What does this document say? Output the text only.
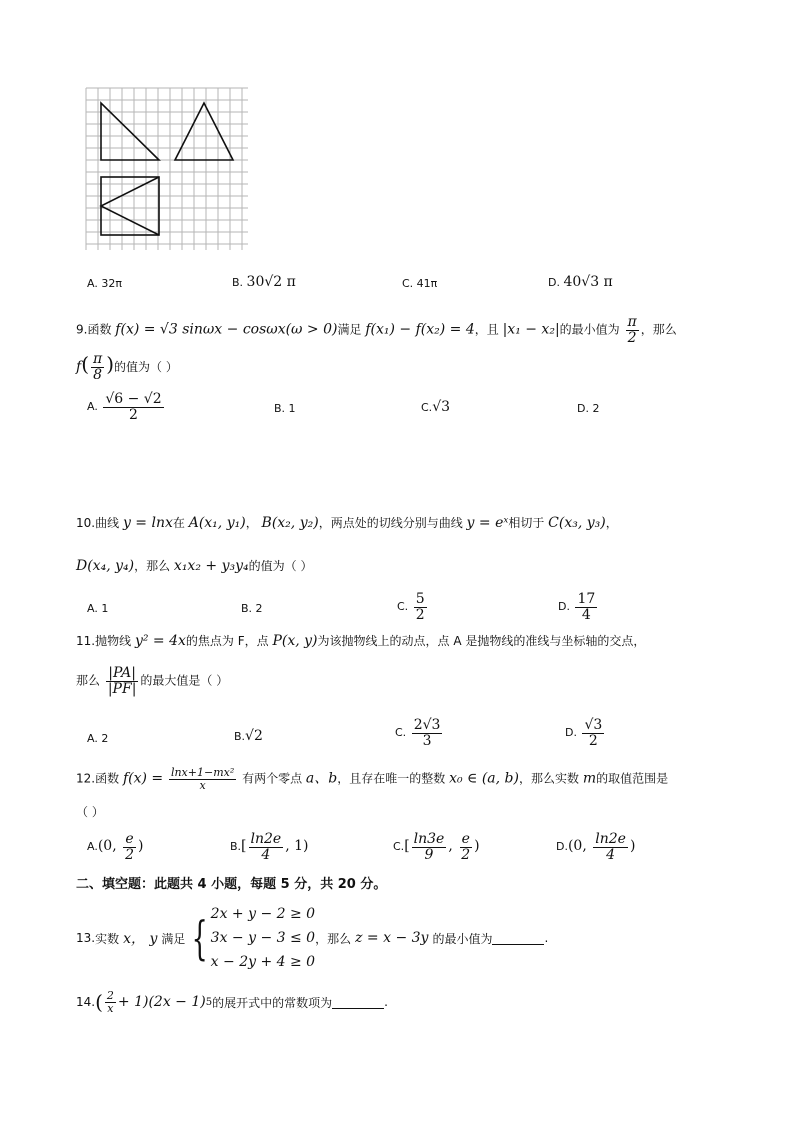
A. 32π	B. 30√2 π	C. 41π	D. 40√3 π
9.函数 f(x) = √3 sinωx − cosωx(ω > 0)满足 f(x₁) − f(x₂) = 4，且 |x₁ − x₂|的最小值为 $\frac{\pi}{2}$ ，那么
$f( \frac{\pi}{8}$ )的值为（ ）
A. $\frac{√6 - √2}{2}$	B. 1	C.√3	D. 2
10.曲线 y = lnx在 A(x₁, y₁)， B(x₂, y₂)，两点处的切线分别与曲线 y = eˣ相切于 C(x₃, y₃)，
D(x₄, y₄)，那么 x₁x₂ + y₃y₄的值为（ ）
A. 1	B. 2	C. $\frac{5}{2}$	D. $\frac{17}{4}$
11.抛物线 y² = 4x的焦点为 F，点 P(x, y)为该抛物线上的动点，点 A 是抛物线的准线与坐标轴的交点，
那么 $\frac{|PA|}{|PF|}$ 的最大值是（ ）
A. 2	B.√2	C. $\frac{2√3}{3}$	D. $\frac{√3}{2}$
12.函数 $f(x) = \frac{\text{lnx+1−mx²}}{x}$ 有两个零点 a、b，且存在唯一的整数 x₀ ∈ (a, b)，那么实数 m的取值范围是
（ ）
A.(0, $\frac{e}{2}$ )	$B.[ \frac{\ln 2e}{4}$ , 1)	$C.[ \frac{\ln 3e}{9}$ , $\frac{e}{2}$ )	D.(0, $\frac{\ln 2e}{4}$ )
二、填空题：此题共 4 小题，每题 5 分，共 20 分。
13. 实数 x， y 满足 { 2x + y − 2 ≥ 0
3x − y − 3 ≤ 0
x − 2y + 4 ≥ 0
，那么 z = x − 3y 的最小值为	.
14. ( $\frac{2}{x} + 1)(2x - 1)$ 5 的展开式中的常数项为	.
